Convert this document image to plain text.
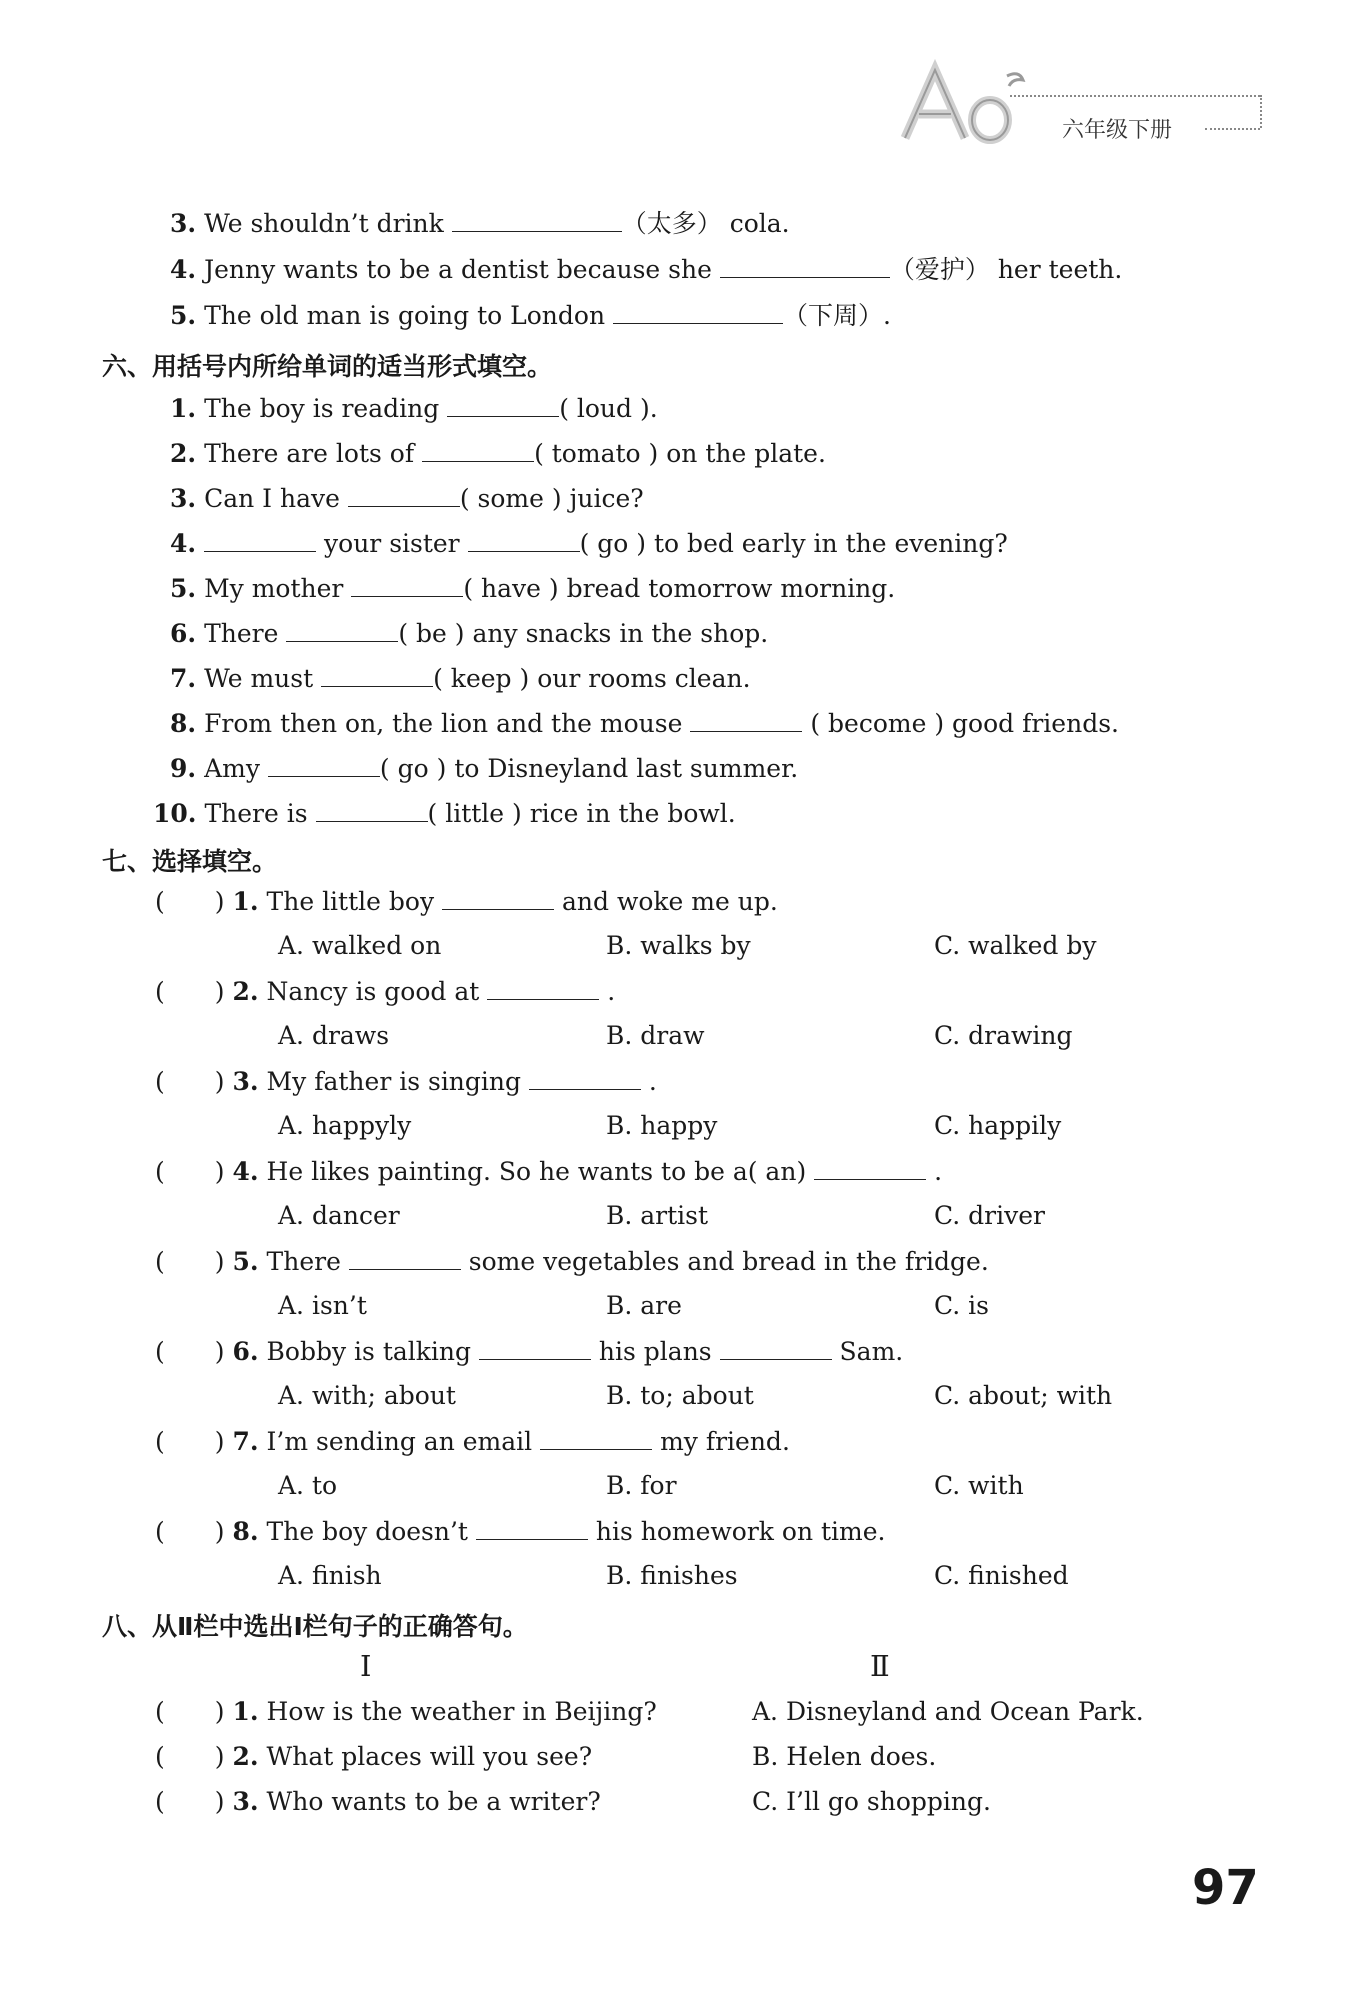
六年级下册
3. We shouldn’t drink	（太多） cola.
4. Jenny wants to be a dentist because she	（爱护） her teeth.
5. The old man is going to London	（下周）.
六、用括号内所给单词的适当形式填空。
1. The boy is reading	( loud ).
2. There are lots of	( tomato ) on the plate.
3. Can I have	( some ) juice?
4.	your sister	( go ) to bed early in the evening?
5. My mother	( have ) bread tomorrow morning.
6. There	( be ) any snacks in the shop.
7. We must	( keep ) our rooms clean.
8. From then on, the lion and the mouse	( become ) good friends.
9. Amy	( go ) to Disneyland last summer.
10. There is	( little ) rice in the bowl.
七、选择填空。
( ) 1. The little boy	and woke me up.
A. walked on	B. walks by	C. walked by
( ) 2. Nancy is good at	.
A. draws	B. draw	C. drawing
( ) 3. My father is singing	.
A. happyly	B. happy	C. happily
( ) 4. He likes painting. So he wants to be a( an)	.
A. dancer	B. artist	C. driver
( ) 5. There	some vegetables and bread in the fridge.
A. isn’t	B. are	C. is
( ) 6. Bobby is talking	his plans	Sam.
A. with; about	B. to; about	C. about; with
( ) 7. I’m sending an email	my friend.
A. to	B. for	C. with
( ) 8. The boy doesn’t	his homework on time.
A. finish	B. finishes	C. finished
八、从Ⅱ栏中选出Ⅰ栏句子的正确答句。
Ⅰ	Ⅱ
( ) 1. How is the weather in Beijing?	A. Disneyland and Ocean Park.
( ) 2. What places will you see?	B. Helen does.
( ) 3. Who wants to be a writer?	C. I’ll go shopping.
97
